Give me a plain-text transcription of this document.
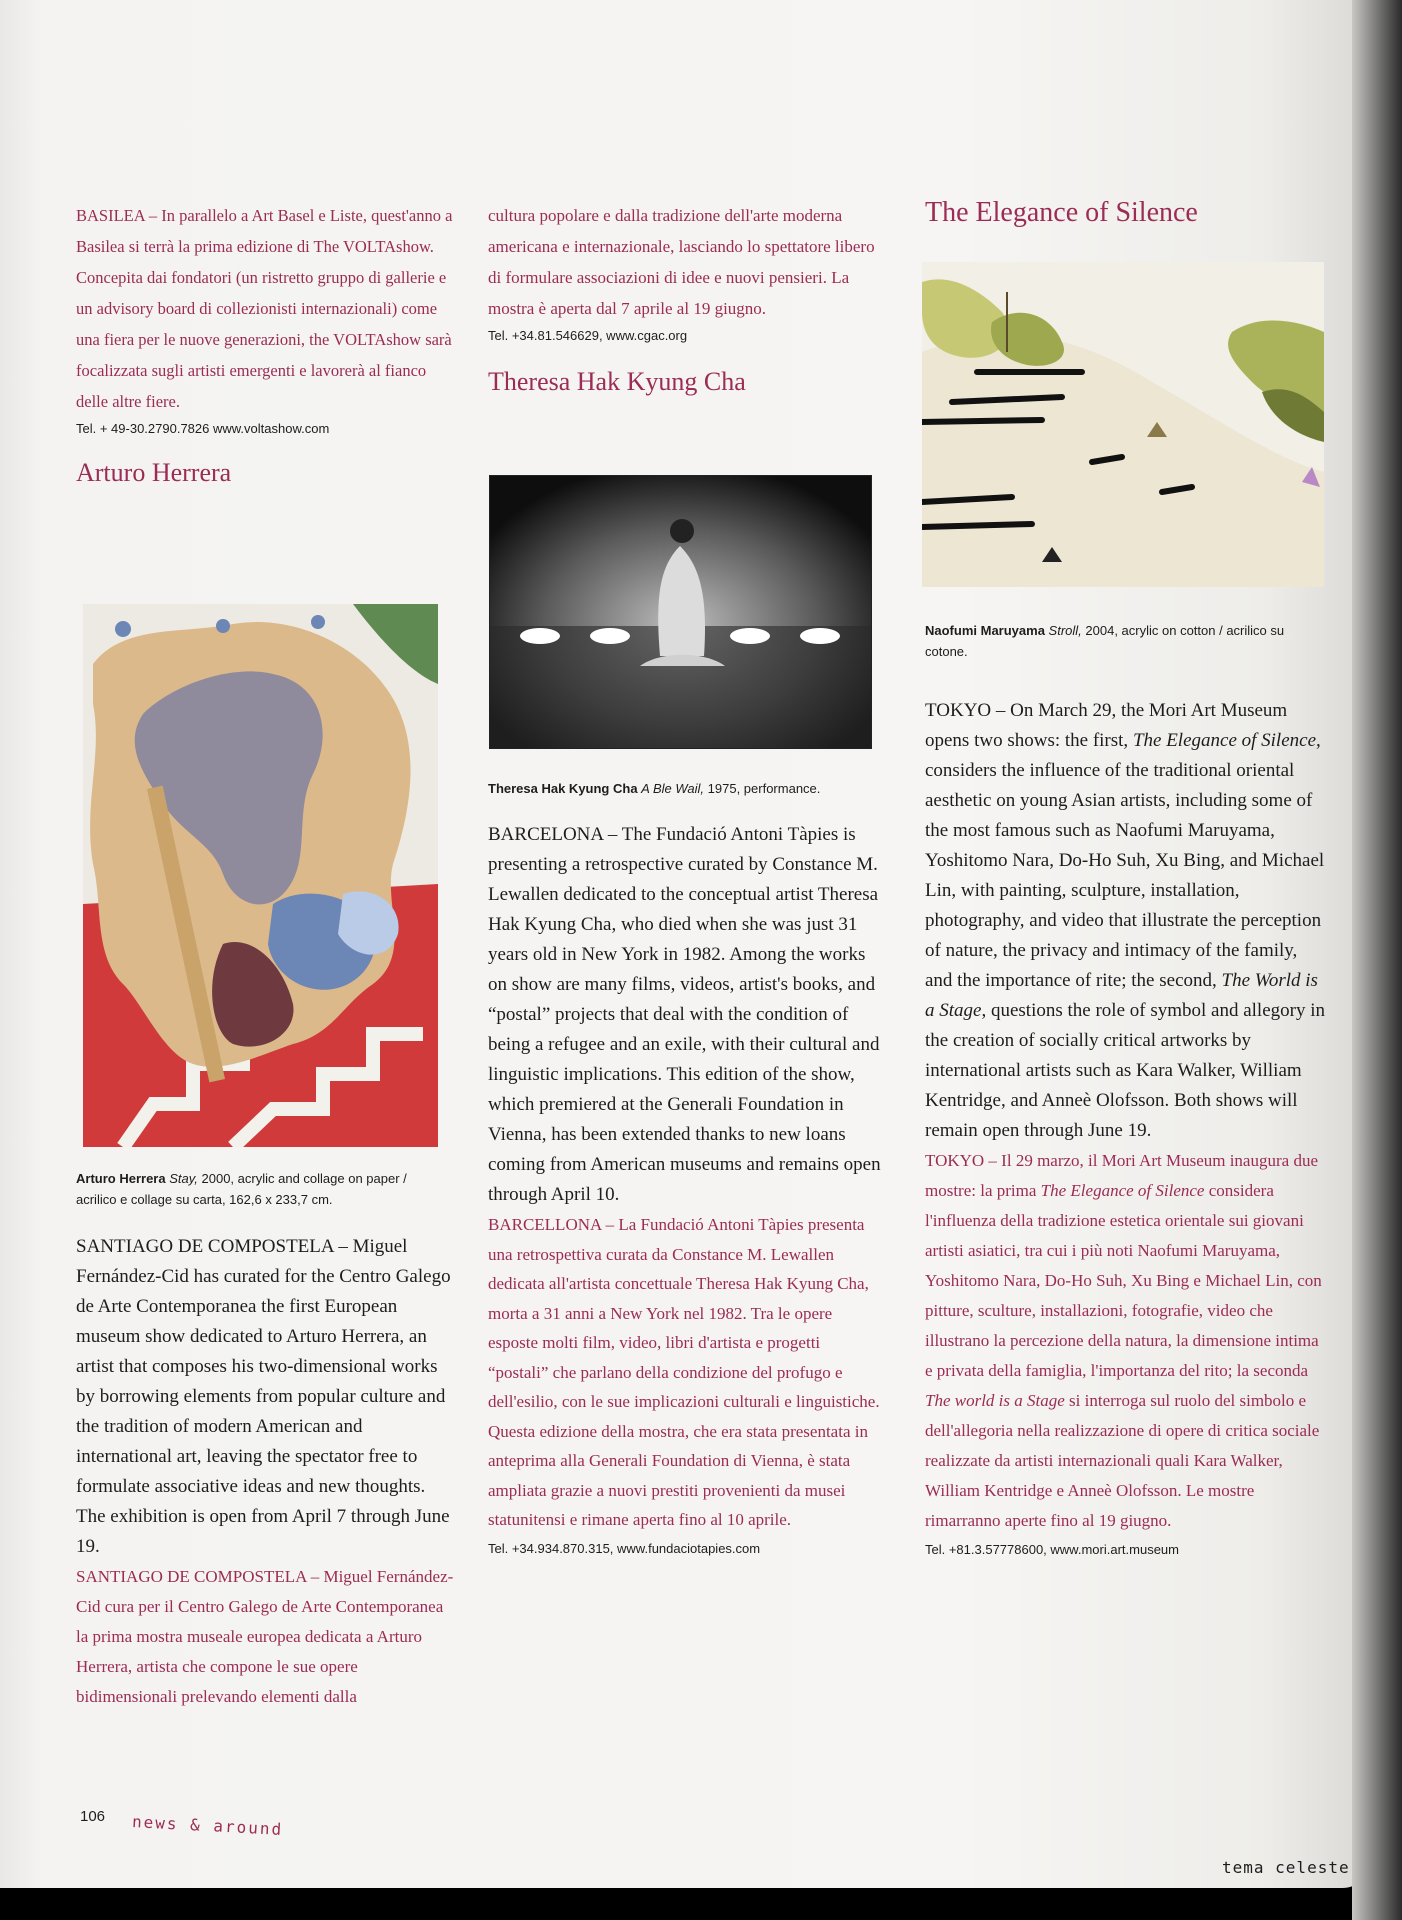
BASILEA – In parallelo a Art Basel e Liste, quest'anno a Basilea si terrà la prima edizione di The VOLTAshow. Concepita dai fondatori (un ristretto gruppo di gallerie e un advisory board di collezionisti internazionali) come una fiera per le nuove generazioni, the VOLTAshow sarà focalizzata sugli artisti emergenti e lavorerà al fianco delle altre fiere.

Tel. + 49-30.2790.7826 www.voltashow.com

Arturo Herrera

Arturo Herrera Stay, 2000, acrylic and collage on paper / acrilico e collage su carta, 162,6 x 233,7 cm.

SANTIAGO DE COMPOSTELA – Miguel Fernández-Cid has curated for the Centro Galego de Arte Contemporanea the first European museum show dedicated to Arturo Herrera, an artist that composes his two-dimensional works by borrowing elements from popular culture and the tradition of modern American and international art, leaving the spectator free to formulate associative ideas and new thoughts. The exhibition is open from April 7 through June 19.

SANTIAGO DE COMPOSTELA – Miguel Fernández-Cid cura per il Centro Galego de Arte Contemporanea la prima mostra museale europea dedicata a Arturo Herrera, artista che compone le sue opere bidimensionali prelevando elementi dalla

cultura popolare e dalla tradizione dell'arte moderna americana e internazionale, lasciando lo spettatore libero di formulare associazioni di idee e nuovi pensieri. La mostra è aperta dal 7 aprile al 19 giugno.

Tel. +34.81.546629, www.cgac.org

Theresa Hak Kyung Cha

Theresa Hak Kyung Cha A Ble Wail, 1975, performance.

BARCELONA – The Fundació Antoni Tàpies is presenting a retrospective curated by Constance M. Lewallen dedicated to the conceptual artist Theresa Hak Kyung Cha, who died when she was just 31 years old in New York in 1982. Among the works on show are many films, videos, artist's books, and “postal” projects that deal with the condition of being a refugee and an exile, with their cultural and linguistic implications. This edition of the show, which premiered at the Generali Foundation in Vienna, has been extended thanks to new loans coming from American museums and remains open through April 10.

BARCELLONA – La Fundació Antoni Tàpies presenta una retrospettiva curata da Constance M. Lewallen dedicata all'artista concettuale Theresa Hak Kyung Cha, morta a 31 anni a New York nel 1982. Tra le opere esposte molti film, video, libri d'artista e progetti “postali” che parlano della condizione del profugo e dell'esilio, con le sue implicazioni culturali e linguistiche. Questa edizione della mostra, che era stata presentata in anteprima alla Generali Foundation di Vienna, è stata ampliata grazie a nuovi prestiti provenienti da musei statunitensi e rimane aperta fino al 10 aprile.

Tel. +34.934.870.315, www.fundaciotapies.com

The Elegance of Silence

Naofumi Maruyama Stroll, 2004, acrylic on cotton / acrilico su cotone.

TOKYO – On March 29, the Mori Art Museum opens two shows: the first, The Elegance of Silence, considers the influence of the traditional oriental aesthetic on young Asian artists, including some of the most famous such as Naofumi Maruyama, Yoshitomo Nara, Do-Ho Suh, Xu Bing, and Michael Lin, with painting, sculpture, installation, photography, and video that illustrate the perception of nature, the privacy and intimacy of the family, and the importance of rite; the second, The World is a Stage, questions the role of symbol and allegory in the creation of socially critical artworks by international artists such as Kara Walker, William Kentridge, and Anneè Olofsson. Both shows will remain open through June 19.

TOKYO – Il 29 marzo, il Mori Art Museum inaugura due mostre: la prima The Elegance of Silence considera l'influenza della tradizione estetica orientale sui giovani artisti asiatici, tra cui i più noti Naofumi Maruyama, Yoshitomo Nara, Do-Ho Suh, Xu Bing e Michael Lin, con pitture, sculture, installazioni, fotografie, video che illustrano la percezione della natura, la dimensione intima e privata della famiglia, l'importanza del rito; la seconda The world is a Stage si interroga sul ruolo del simbolo e dell'allegoria nella realizzazione di opere di critica sociale realizzate da artisti internazionali quali Kara Walker, William Kentridge e Anneè Olofsson. Le mostre rimarranno aperte fino al 19 giugno.

Tel. +81.3.57778600, www.mori.art.museum

106 news & around
tema celeste
